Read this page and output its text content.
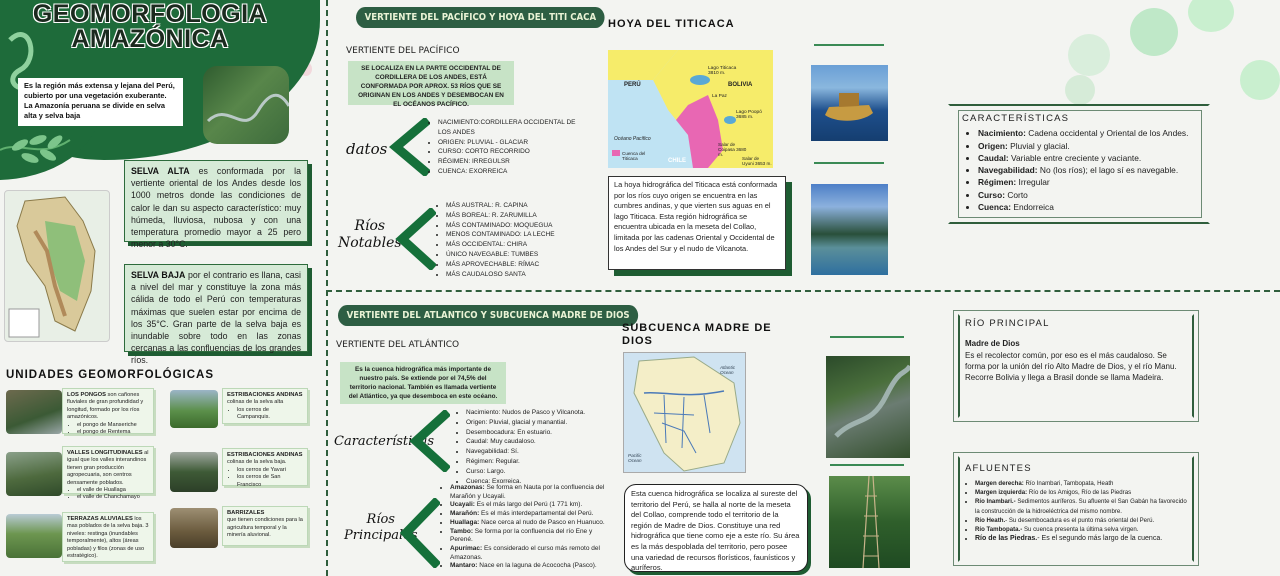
GEOMORFOLOGIA
AMAZÓNICA
Es la región más extensa y lejana del Perú, cubierto por una vegetación exuberante. La Amazonía peruana se divide en selva alta y selva baja
SELVA ALTA es conformada por la vertiente oriental de los Andes desde los 1000 metros donde las condiciones de calor le dan su aspecto característico: muy húmeda, lluviosa, nubosa y con una temperatura promedio mayor a 25 pero menor a 30°C.
SELVA BAJA por el contrario es llana, casi a nivel del mar y constituye la zona más cálida de todo el Perú con temperaturas máximas que suelen estar por encima de los 35°C. Gran parte de la selva baja es inundable sobre todo en las zonas cercanas a las confluencias de los grandes ríos.
UNIDADES GEOMORFOLÓGICAS
LOS PONGOS son cañones fluviales de gran profundidad y longitud, formado por los ríos amazónicos.
• el pongo de Manseriche
• el pongo de Rentema
ESTRIBACIONES ANDINAS
colinas de la selva alta
• los cerros de Campanquis.
VALLES LONGITUDINALES al igual que los valles interandinos tienen gran producción agropecuaria, son centros densamente poblados.
• el valle de Huallaga
• el valle de Chanchamayo
ESTRIBACIONES ANDINAS
colinas de la selva baja.
• los cerros de Yavari
• los cerros de San Francisco
TERRAZAS ALUVIALES los mas poblados de la selva baja. 3 niveles: restinga (inundables temporalmente), altos (áreas pobladas) y filos (zonas de uso estratégico).
BARRIZALES
que tienen condiciones para la agricultura temporal y la minería aluvional.
VERTIENTE DEL PACÍFICO Y HOYA DEL TITI CACA
VERTIENTE DEL PACÍFICO
SE LOCALIZA EN LA PARTE OCCIDENTAL DE CORDILLERA DE LOS ANDES, ESTÁ CONFORMADA POR APROX. 53 RÍOS QUE SE ORIGINAN EN LOS ANDES Y DESEMBOCAN EN EL OCÉANOS PACÍFICO.
datos
• NACIMIENTO:CORDILLERA OCCIDENTAL DE LOS ANDES
• ORIGEN: PLUVIAL - GLACIAR
• CURSO: CORTO RECORRIDO
• RÉGIMEN: IRREGULSR
• CUENCA: EXORREICA
Ríos
Notables
• MÁS AUSTRAL: R. CAPINA
• MÁS BOREAL: R. ZARUMILLA
• MÁS CONTAMINADO: MOQUEGUA
• MENOS CONTAMINADO: LA LECHE
• MÁS OCCIDENTAL: CHIRA
• ÚNICO NAVEGABLE: TUMBES
• MÁS APROVECHABLE: RÍMAC
• MÁS CAUDALOSO SANTA
HOYA DEL TITICACA
PERÚ	BOLIVIA
Lago Titicaca 3810 m.
La Paz
Lago Poopó 3685 m.
Océano Pacífico
CHILE
Cuenca del Titicaca
Salar de Coipasa 3680 m.
Salar de Uyuni 3653 m.
La hoya hidrográfica del Titicaca está conformada por los ríos cuyo origen se encuentra en las cumbres andinas, y que vierten sus aguas en el lago Titicaca. Esta región hidrográfica se encuentra ubicada en la meseta del Collao, limitada por las cadenas Oriental y Occidental de los Andes del Sur y el nudo de Vilcanota.
CARACTERÍSTICAS
• Nacimiento: Cadena occidental y Oriental de los Andes.
• Origen: Pluvial y glacial.
• Caudal: Variable entre creciente y vaciante.
• Navegabilidad: No (los ríos); el lago sí es navegable.
• Régimen: Irregular
• Curso: Corto
• Cuenca: Endorreica
VERTIENTE DEL ATLANTICO Y SUBCUENCA MADRE DE DIOS
VERTIENTE DEL ATLÁNTICO
Es la cuenca hidrográfica más importante de nuestro país. Se extiende por el 74,5% del territorio nacional. También es llamada vertiente del Atlántico, ya que desemboca en este océano.
Características
• Nacimiento: Nudos de Pasco y Vilcanota.
• Origen: Pluvial, glacial y manantial.
• Desembocadura: En estuario.
• Caudal: Muy caudaloso.
• Navegabilidad: Sí.
• Régimen: Regular.
• Curso: Largo.
• Cuenca: Exorreica.
Ríos
Principales
• Amazonas: Se forma en Nauta por la confluencia del Marañón y Ucayali.
• Ucayali: Es el más largo del Perú (1 771 km).
• Marañón: Es el más interdepartamental del Perú.
• Huallaga: Nace cerca al nudo de Pasco en Huanuco.
• Tambo: Se forma por la confluencia del río Ene y Perené.
• Apurímac: Es considerado el curso más remoto del Amazonas.
• Mantaro: Nace en la laguna de Acococha (Pasco).
SUBCUENCA MADRE DE DIOS
Atlantic Ocean
Pacific Ocean
Esta cuenca hidrográfica se localiza al sureste del territorio del Perú, se halla al norte de la meseta del Collao, comprende todo el territorio de la región de Madre de Dios. Constituye una red hidrográfica que tiene como eje a este río. Su área es la más despoblada del territorio, pero posee una variedad de recursos florísticos, faunísticos y auríferos.
RÍO PRINCIPAL
Madre de Dios
Es el recolector común, por eso es el más caudaloso. Se forma por la unión del río Alto Madre de Dios, y el río Manu. Recorre Bolivia y llega a Brasil donde se llama Madeira.
AFLUENTES
• Margen derecha: Río Inambari, Tambopata, Heath
• Margen izquierda: Río de los Amigos, Río de las Piedras
• Río Inambari.- Sedimentos auríferos. Su afluente el San Gabán ha favorecido la construcción de la hidroeléctrica del mismo nombre.
• Río Heath.- Su desembocadura es el punto más oriental del Perú.
• Río Tambopata.- Su cuenca presenta la última selva virgen.
• Río de las Piedras.- Es el segundo más largo de la cuenca.
